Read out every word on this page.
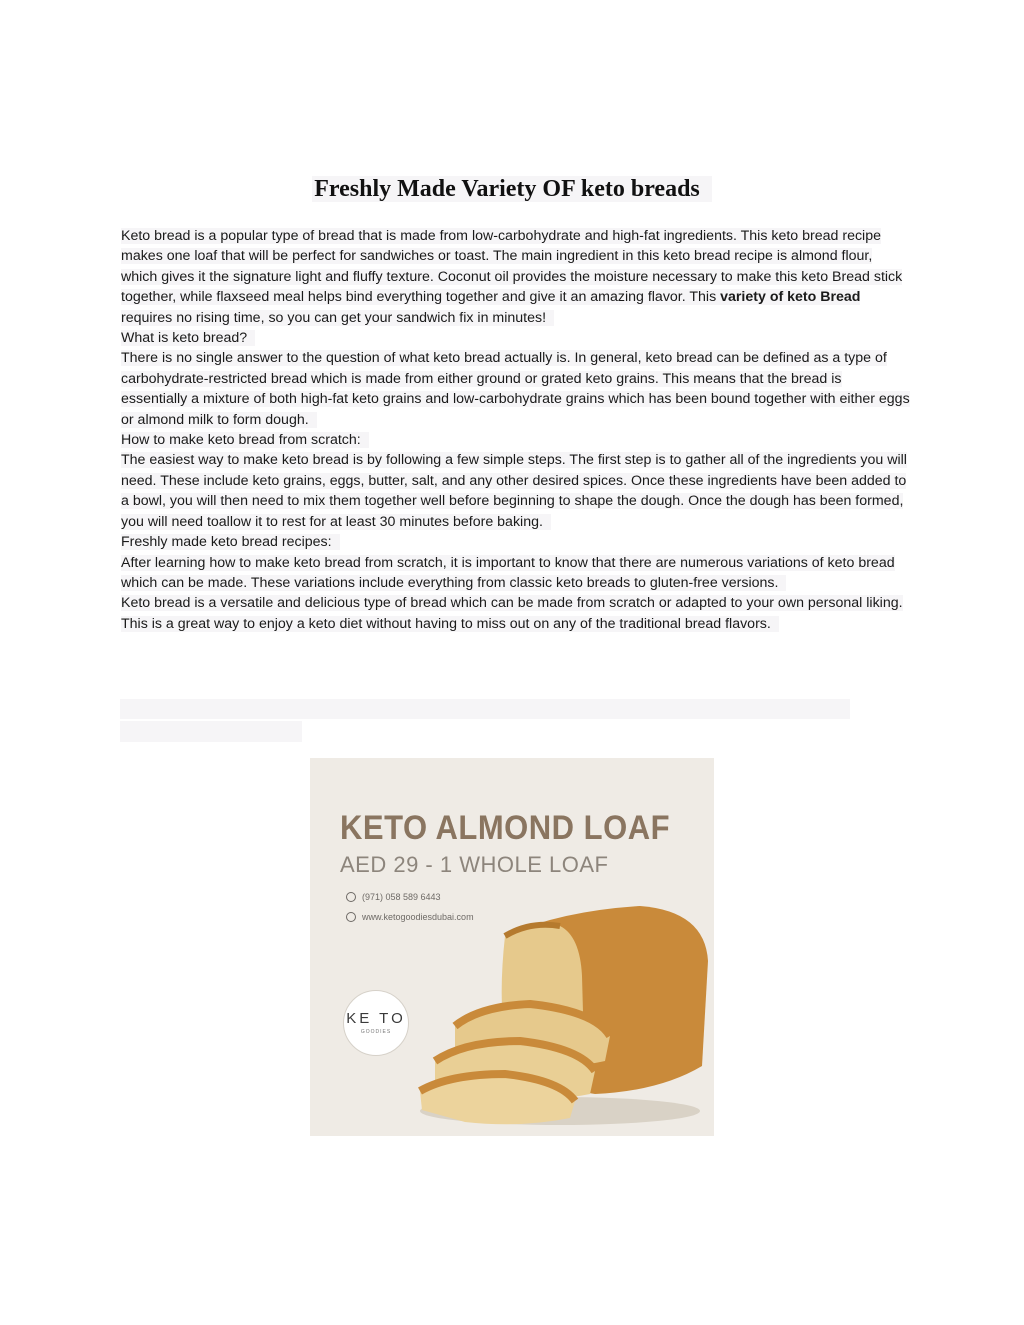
Freshly Made Variety OF keto breads

Keto bread is a popular type of bread that is made from low-carbohydrate and high-fat ingredients. This keto bread recipe makes one loaf that will be perfect for sandwiches or toast. The main ingredient in this keto bread recipe is almond flour, which gives it the signature light and fluffy texture. Coconut oil provides the moisture necessary to make this keto Bread stick together, while flaxseed meal helps bind everything together and give it an amazing flavor. This variety of keto Bread requires no rising time, so you can get your sandwich fix in minutes!

What is keto bread?

There is no single answer to the question of what keto bread actually is. In general, keto bread can be defined as a type of carbohydrate-restricted bread which is made from either ground or grated keto grains. This means that the bread is essentially a mixture of both high-fat keto grains and low-carbohydrate grains which has been bound together with either eggs or almond milk to form dough.

How to make keto bread from scratch:

The easiest way to make keto bread is by following a few simple steps. The first step is to gather all of the ingredients you will need. These include keto grains, eggs, butter, salt, and any other desired spices. Once these ingredients have been added to a bowl, you will then need to mix them together well before beginning to shape the dough. Once the dough has been formed, you will need toallow it to rest for at least 30 minutes before baking.

Freshly made keto bread recipes:

After learning how to make keto bread from scratch, it is important to know that there are numerous variations of keto bread which can be made. These variations include everything from classic keto breads to gluten-free versions.

Keto bread is a versatile and delicious type of bread which can be made from scratch or adapted to your own personal liking. This is a great way to enjoy a keto diet without having to miss out on any of the traditional bread flavors.

KETO ALMOND LOAF
AED 29 - 1 WHOLE LOAF
(971) 058 589 6443
www.ketogoodiesdubai.com
KE TO
GOODIES
